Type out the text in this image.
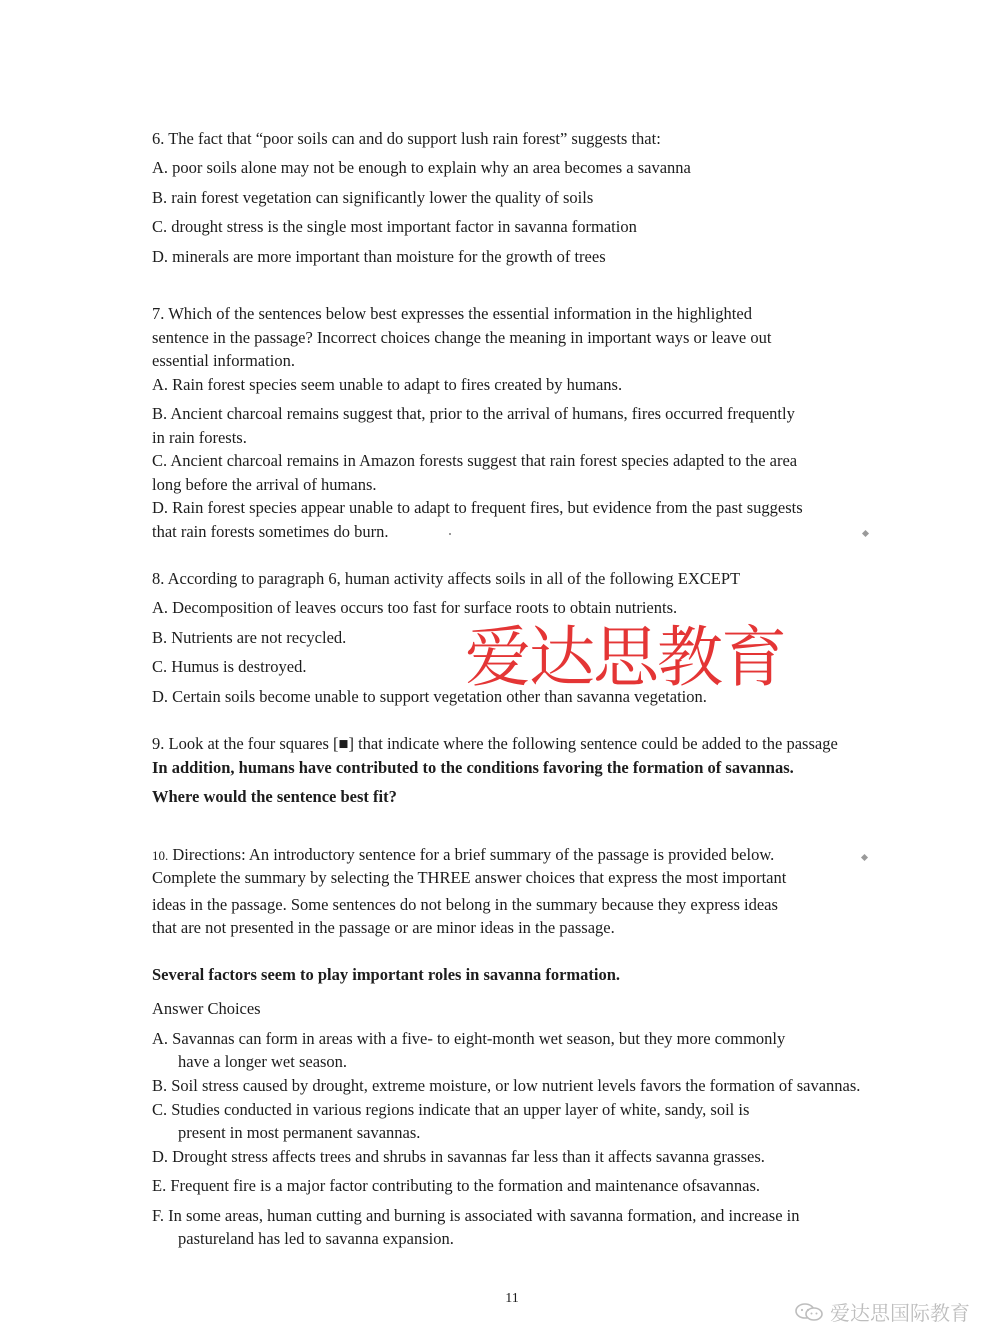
6. The fact that “poor soils can and do support lush rain forest” suggests that:
A. poor soils alone may not be enough to explain why an area becomes a savanna
B. rain forest vegetation can significantly lower the quality of soils
C. drought stress is the single most important factor in savanna formation
D. minerals are more important than moisture for the growth of trees
7. Which of the sentences below best expresses the essential information in the highlighted
sentence in the passage? Incorrect choices change the meaning in important ways or leave out
essential information.
A. Rain forest species seem unable to adapt to fires created by humans.
B. Ancient charcoal remains suggest that, prior to the arrival of humans, fires occurred frequently
in rain forests.
C. Ancient charcoal remains in Amazon forests suggest that rain forest species adapted to the area
long before the arrival of humans.
D. Rain forest species appear unable to adapt to frequent fires, but evidence from the past suggests
that rain forests sometimes do burn.
8. According to paragraph 6, human activity affects soils in all of the following EXCEPT
A. Decomposition of leaves occurs too fast for surface roots to obtain nutrients.
B. Nutrients are not recycled.
C. Humus is destroyed.
D. Certain soils become unable to support vegetation other than savanna vegetation.
爱达思教育
9. Look at the four squares [■] that indicate where the following sentence could be added to the passage
In addition, humans have contributed to the conditions favoring the formation of savannas.
Where would the sentence best fit?
10. Directions: An introductory sentence for a brief summary of the passage is provided below.
Complete the summary by selecting the THREE answer choices that express the most important
ideas in the passage. Some sentences do not belong in the summary because they express ideas
that are not presented in the passage or are minor ideas in the passage.
Several factors seem to play important roles in savanna formation.
Answer Choices
A. Savannas can form in areas with a five- to eight-month wet season, but they more commonly
have a longer wet season.
B. Soil stress caused by drought, extreme moisture, or low nutrient levels favors the formation of savannas.
C. Studies conducted in various regions indicate that an upper layer of white, sandy, soil is
present in most permanent savannas.
D. Drought stress affects trees and shrubs in savannas far less than it affects savanna grasses.
E. Frequent fire is a major factor contributing to the formation and maintenance ofsavannas.
F. In some areas, human cutting and burning is associated with savanna formation, and increase in
pastureland has led to savanna expansion.
11
爱达思国际教育
